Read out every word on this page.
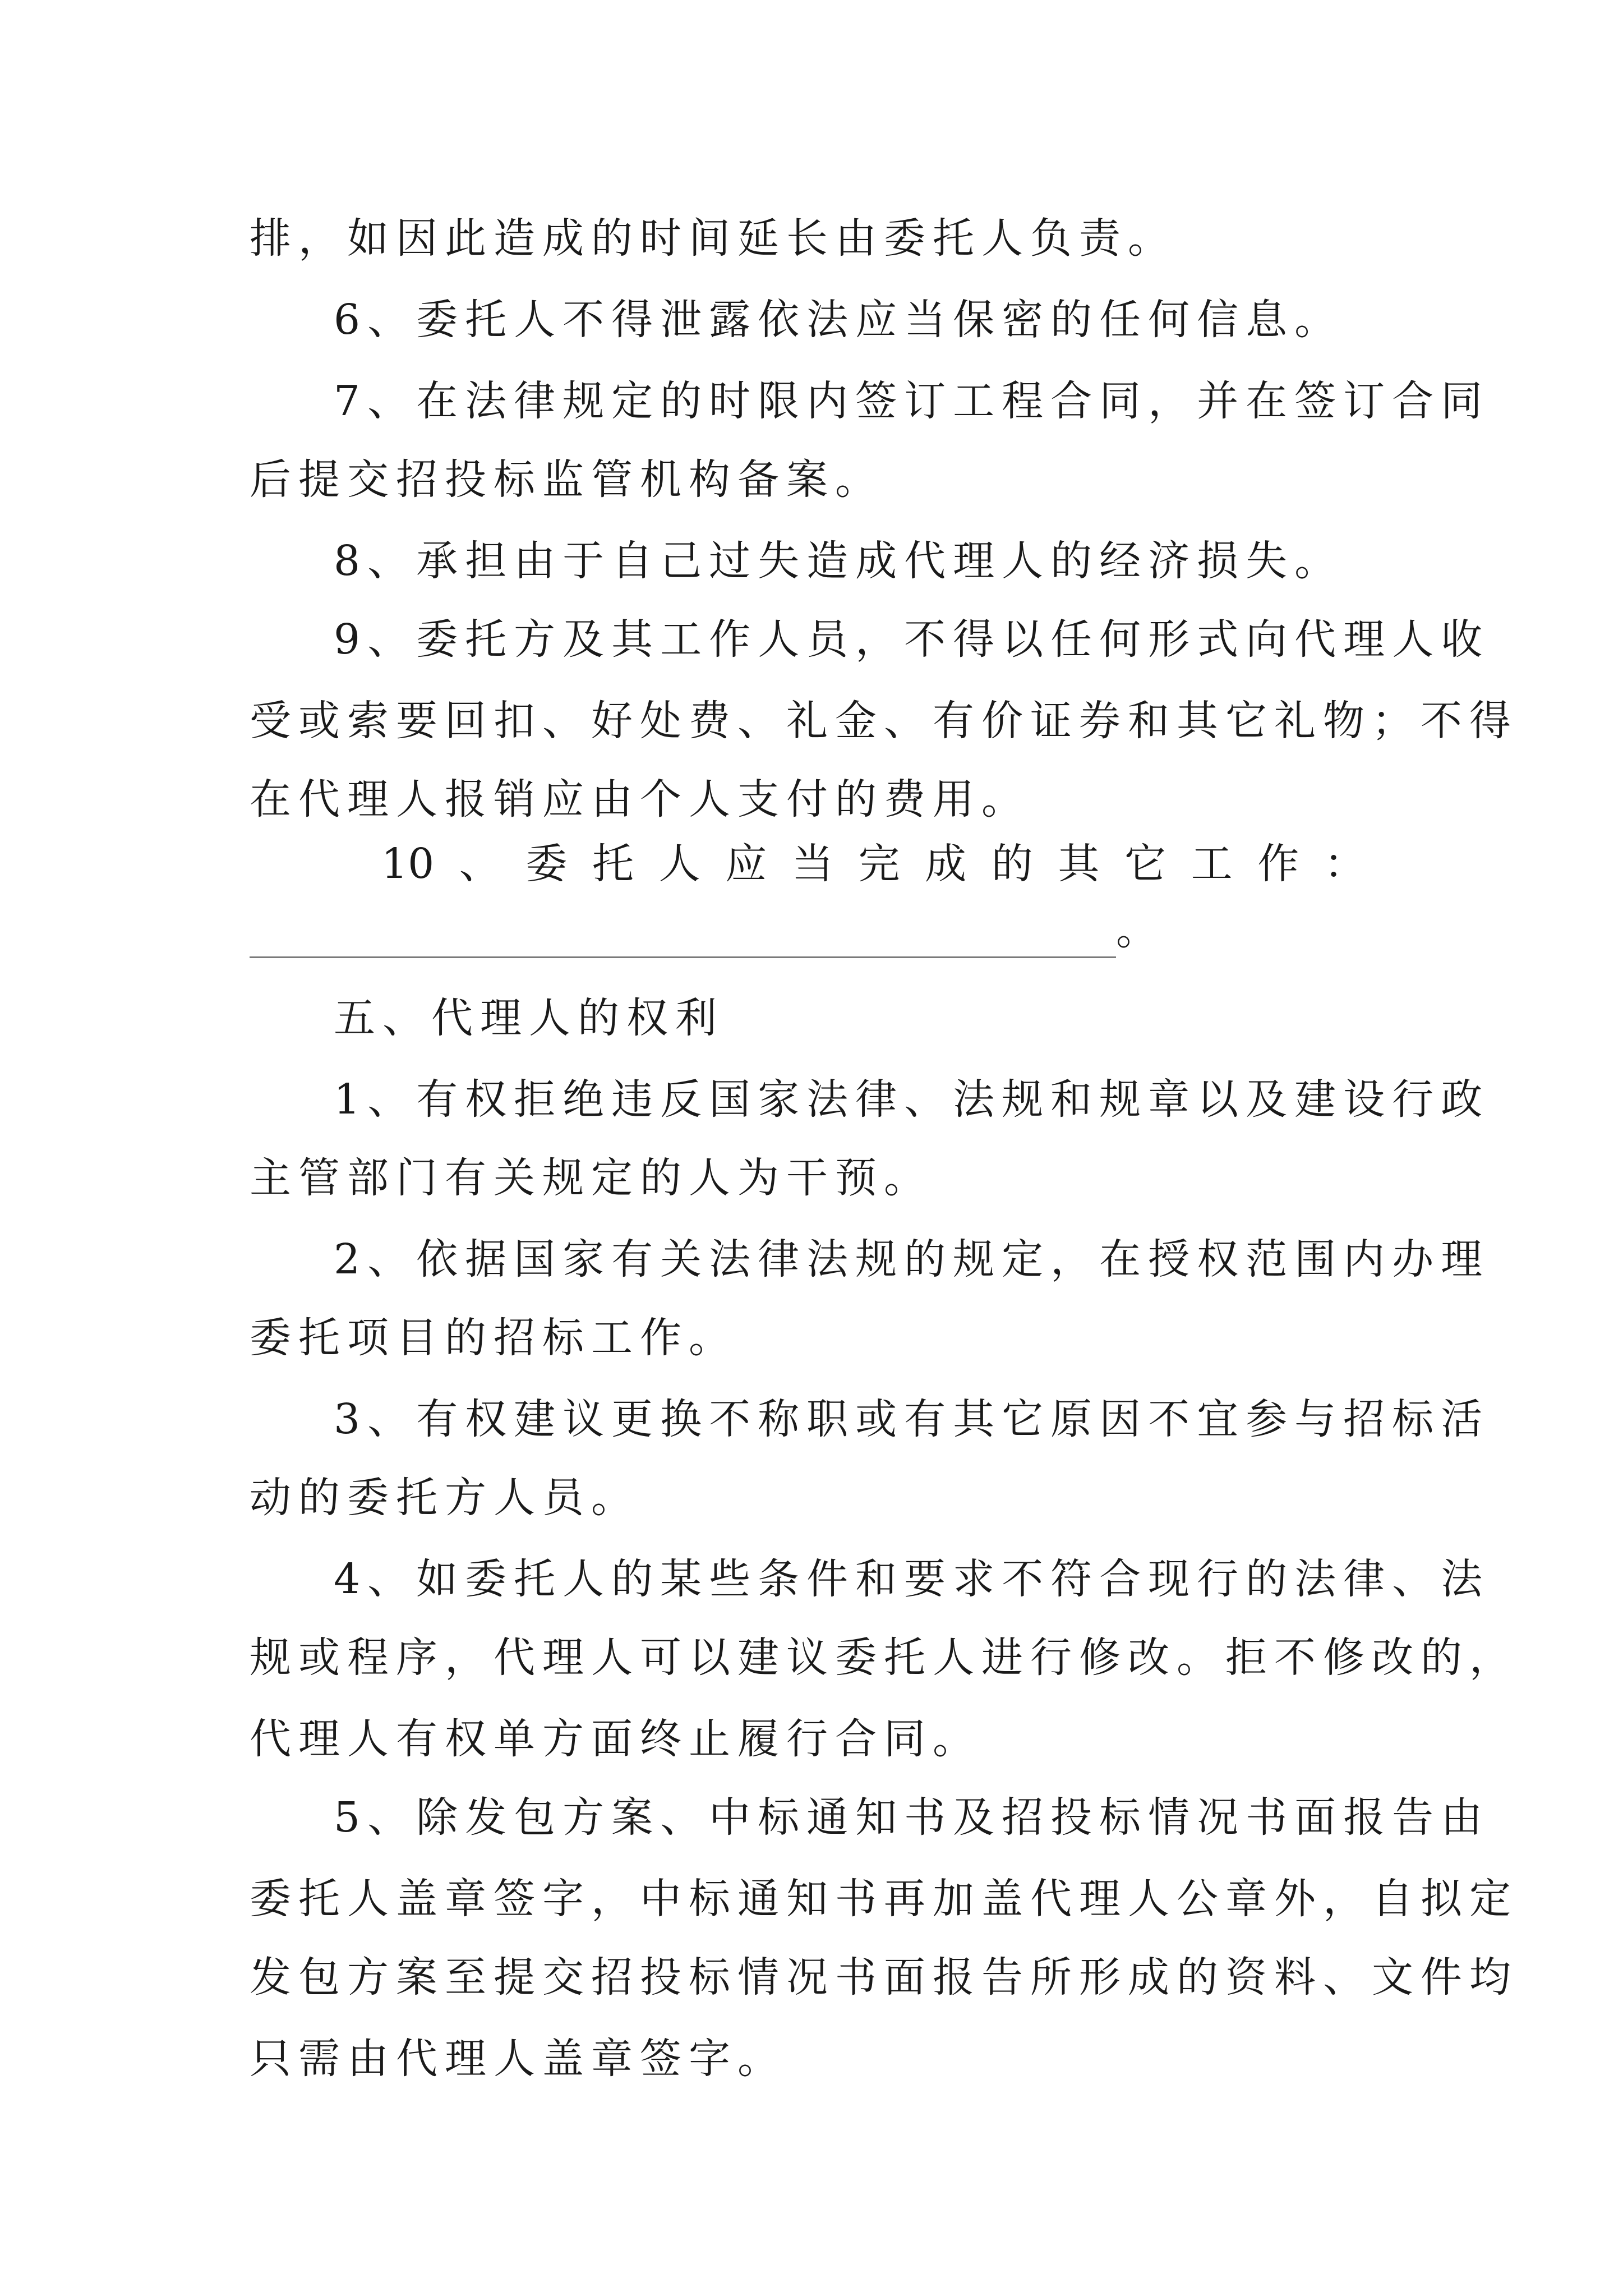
排，如因此造成的时间延长由委托人负责。
6、委托人不得泄露依法应当保密的任何信息。
7、在法律规定的时限内签订工程合同，并在签订合同
后提交招投标监管机构备案。
8、承担由于自己过失造成代理人的经济损失。
9、委托方及其工作人员，不得以任何形式向代理人收
受或索要回扣、好处费、礼金、有价证券和其它礼物；不得
在代理人报销应由个人支付的费用。
10 、 委 托 人 应 当 完 成 的 其 它 工 作 ：
。
五、代理人的权利
1、有权拒绝违反国家法律、法规和规章以及建设行政
主管部门有关规定的人为干预。
2、依据国家有关法律法规的规定，在授权范围内办理
委托项目的招标工作。
3、有权建议更换不称职或有其它原因不宜参与招标活
动的委托方人员。
4、如委托人的某些条件和要求不符合现行的法律、法
规或程序，代理人可以建议委托人进行修改。拒不修改的，
代理人有权单方面终止履行合同。
5、除发包方案、中标通知书及招投标情况书面报告由
委托人盖章签字，中标通知书再加盖代理人公章外，自拟定
发包方案至提交招投标情况书面报告所形成的资料、文件均
只需由代理人盖章签字。
